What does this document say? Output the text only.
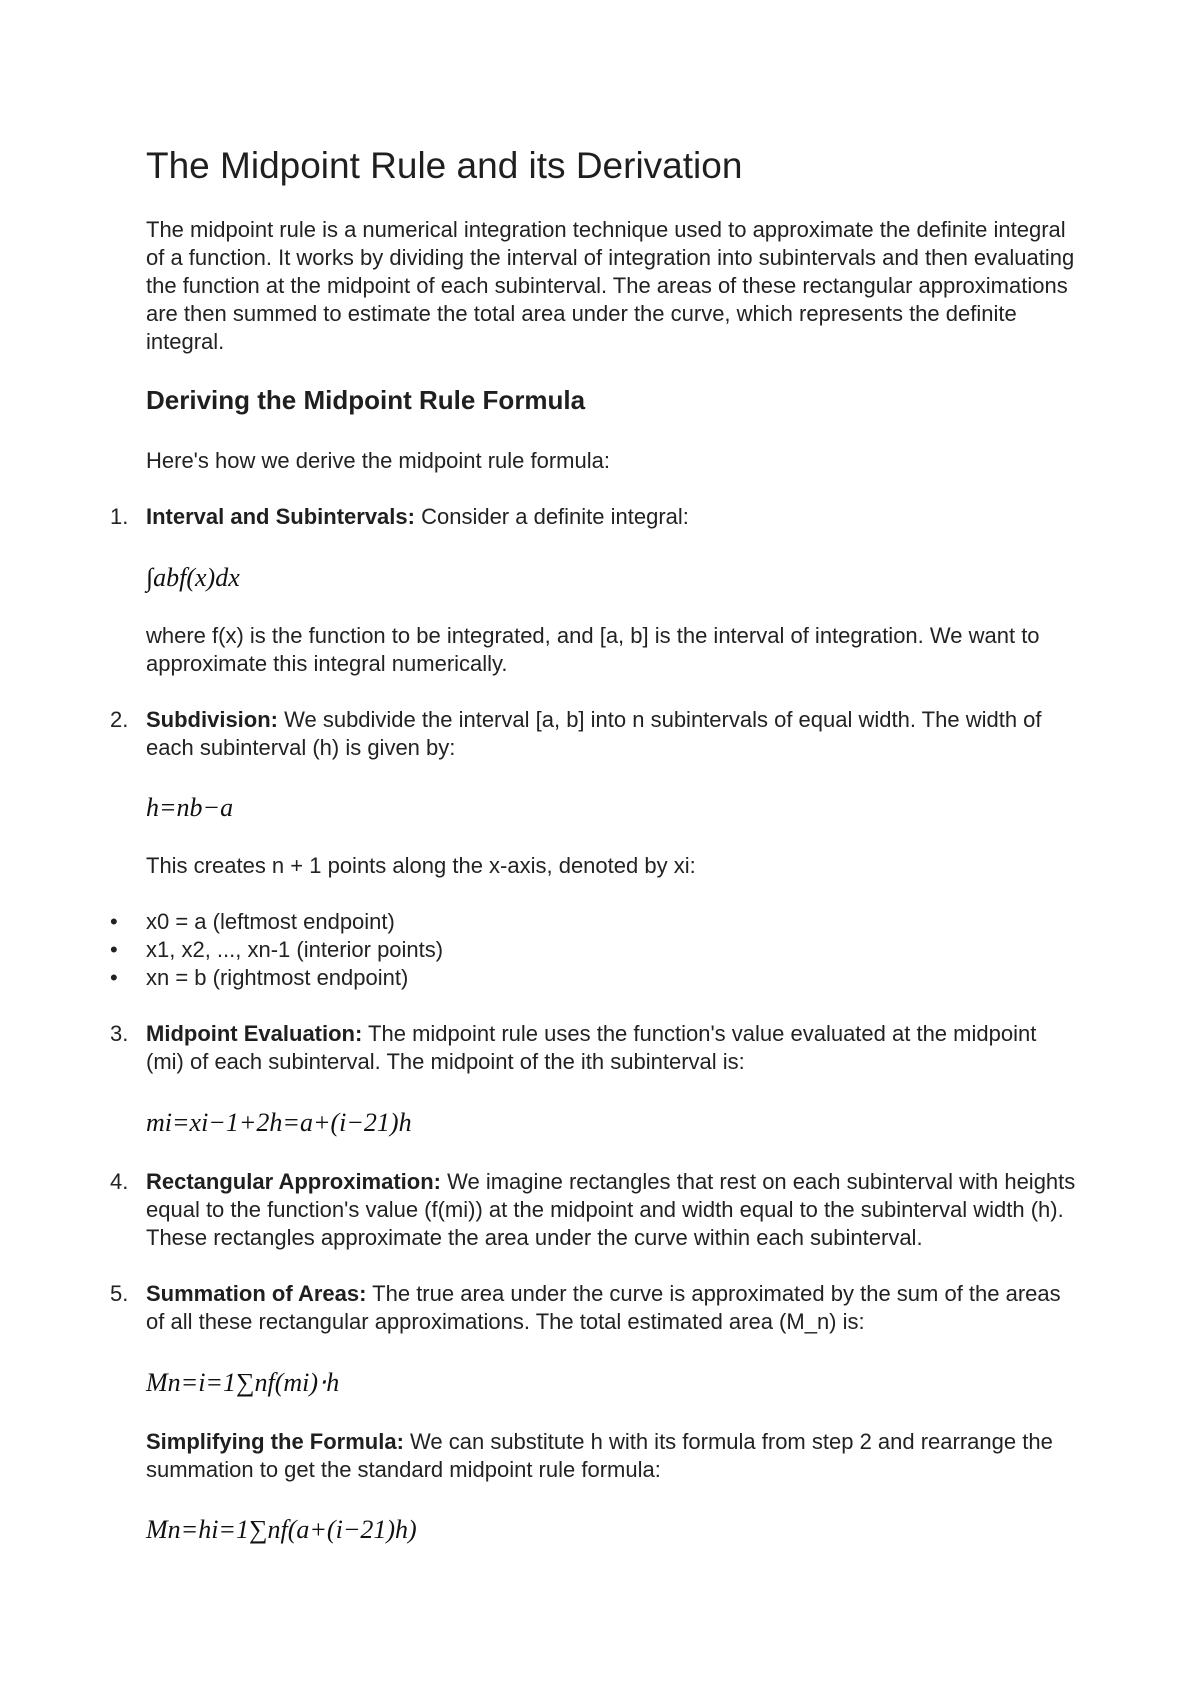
The Midpoint Rule and its Derivation

The midpoint rule is a numerical integration technique used to approximate the definite integral of a function. It works by dividing the interval of integration into subintervals and then evaluating the function at the midpoint of each subinterval. The areas of these rectangular approximations are then summed to estimate the total area under the curve, which represents the definite integral.

Deriving the Midpoint Rule Formula

Here's how we derive the midpoint rule formula:

1. Interval and Subintervals: Consider a definite integral:

∫abf(x)dx

where f(x) is the function to be integrated, and [a, b] is the interval of integration. We want to approximate this integral numerically.

2. Subdivision: We subdivide the interval [a, b] into n subintervals of equal width. The width of each subinterval (h) is given by:

h=nb−a

This creates n + 1 points along the x-axis, denoted by xi:

• x0 = a (leftmost endpoint)

• x1, x2, ..., xn-1 (interior points)

• xn = b (rightmost endpoint)

3. Midpoint Evaluation: The midpoint rule uses the function's value evaluated at the midpoint (mi) of each subinterval. The midpoint of the ith subinterval is:

mi=xi−1+2h=a+(i−21)h
4. Rectangular Approximation: We imagine rectangles that rest on each subinterval with heights equal to the function's value (f(mi)) at the midpoint and width equal to the subinterval width (h). These rectangles approximate the area under the curve within each subinterval.

5. Summation of Areas: The true area under the curve is approximated by the sum of the areas of all these rectangular approximations. The total estimated area (M_n) is:

Mn=i=1∑nf(mi)⋅h

Simplifying the Formula: We can substitute h with its formula from step 2 and rearrange the summation to get the standard midpoint rule formula:

Mn=hi=1∑nf(a+(i−21)h)
